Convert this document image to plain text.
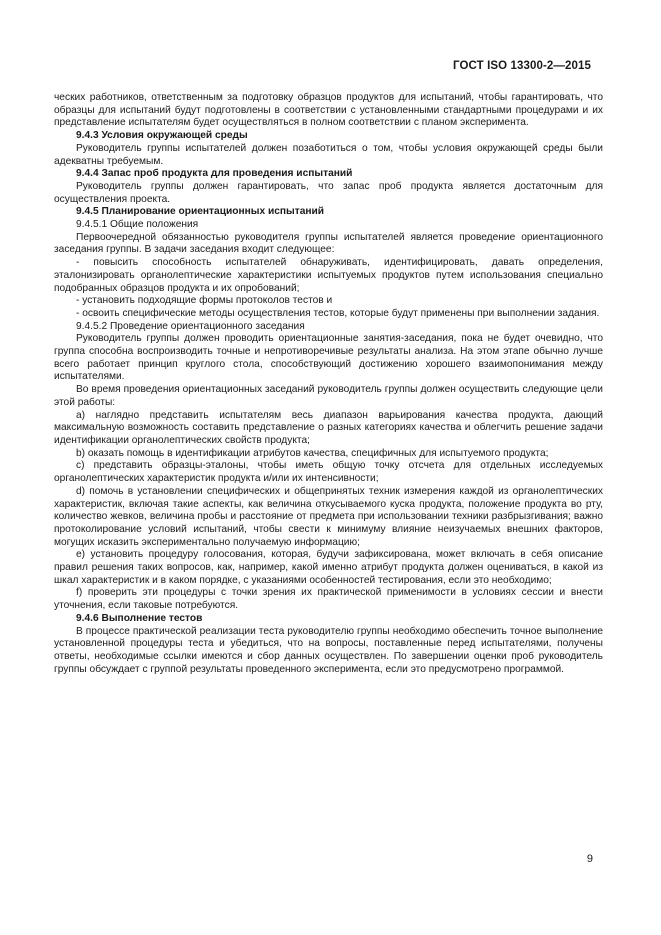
ГОСТ ISO 13300-2—2015

ческих работников, ответственным за подготовку образцов продуктов для испытаний, чтобы гарантировать, что образцы для испытаний будут подготовлены в соответствии с установленными стандартными процедурами и их представление испытателям будет осуществляться в полном соответствии с планом эксперимента.

9.4.3 Условия окружающей среды

Руководитель группы испытателей должен позаботиться о том, чтобы условия окружающей среды были адекватны требуемым.

9.4.4 Запас проб продукта для проведения испытаний

Руководитель группы должен гарантировать, что запас проб продукта является достаточным для осуществления проекта.

9.4.5 Планирование ориентационных испытаний

9.4.5.1 Общие положения

Первоочередной обязанностью руководителя группы испытателей является проведение ориентационного заседания группы. В задачи заседания входит следующее:

- повысить способность испытателей обнаруживать, идентифицировать, давать определения, эталонизировать органолептические характеристики испытуемых продуктов путем использования специально подобранных образцов продукта и их опробований;

- установить подходящие формы протоколов тестов и

- освоить специфические методы осуществления тестов, которые будут применены при выполнении задания.

9.4.5.2 Проведение ориентационного заседания

Руководитель группы должен проводить ориентационные занятия-заседания, пока не будет очевидно, что группа способна воспроизводить точные и непротиворечивые результаты анализа. На этом этапе обычно лучше всего работает принцип круглого стола, способствующий достижению хорошего взаимопонимания между испытателями.

Во время проведения ориентационных заседаний руководитель группы должен осуществить следующие цели этой работы:

а) наглядно представить испытателям весь диапазон варьирования качества продукта, дающий максимальную возможность составить представление о разных категориях качества и облегчить решение задачи идентификации органолептических свойств продукта;

b) оказать помощь в идентификации атрибутов качества, специфичных для испытуемого продукта;

c) представить образцы-эталоны, чтобы иметь общую точку отсчета для отдельных исследуемых органолептических характеристик продукта и/или их интенсивности;

d) помочь в установлении специфических и общепринятых техник измерения каждой из органолептических характеристик, включая такие аспекты, как величина откусываемого куска продукта, положение продукта во рту, количество жевков, величина пробы и расстояние от предмета при использовании техники разбрызгивания; важно протоколирование условий испытаний, чтобы свести к минимуму влияние неизучаемых внешних факторов, могущих исказить экспериментально получаемую информацию;

e) установить процедуру голосования, которая, будучи зафиксирована, может включать в себя описание правил решения таких вопросов, как, например, какой именно атрибут продукта должен оцениваться, в какой из шкал характеристик и в каком порядке, с указаниями особенностей тестирования, если это необходимо;

f) проверить эти процедуры с точки зрения их практической применимости в условиях сессии и внести уточнения, если таковые потребуются.

9.4.6 Выполнение тестов

В процессе практической реализации теста руководителю группы необходимо обеспечить точное выполнение установленной процедуры теста и убедиться, что на вопросы, поставленные перед испытателями, получены ответы, необходимые ссылки имеются и сбор данных осуществлен. По завершении оценки проб руководитель группы обсуждает с группой результаты проведенного эксперимента, если это предусмотрено программой.

9
